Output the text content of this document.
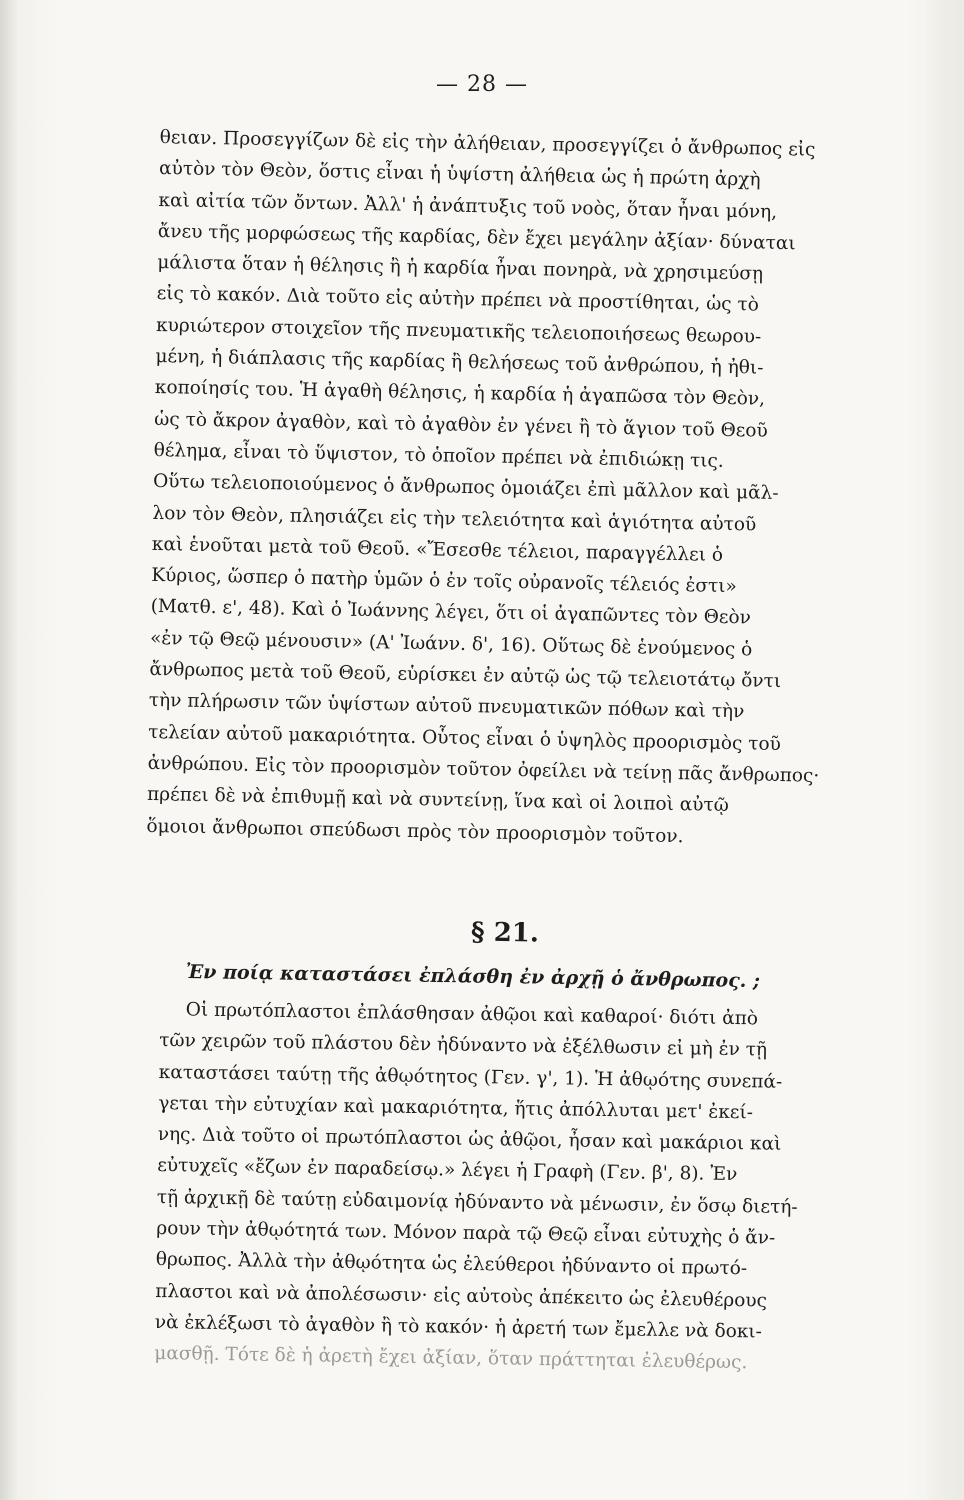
— 28 —

θειαν. Προσεγγίζων δὲ εἰς τὴν ἀλήθειαν, προσεγγίζει ὁ ἄνθρωπος εἰς

αὐτὸν τὸν Θεὸν, ὅστις εἶναι ἡ ὑψίστη ἀλήθεια ὡς ἡ πρώτη ἀρχὴ

καὶ αἰτία τῶν ὄντων. Ἀλλ' ἡ ἀνάπτυξις τοῦ νοὸς, ὅταν ἦναι μόνη,

ἄνευ τῆς μορφώσεως τῆς καρδίας, δὲν ἔχει μεγάλην ἀξίαν· δύναται

μάλιστα ὅταν ἡ θέλησις ἢ ἡ καρδία ἦναι πονηρὰ, νὰ χρησιμεύσῃ

εἰς τὸ κακόν. Διὰ τοῦτο εἰς αὐτὴν πρέπει νὰ προστίθηται, ὡς τὸ

κυριώτερον στοιχεῖον τῆς πνευματικῆς τελειοποιήσεως θεωρου-

μένη, ἡ διάπλασις τῆς καρδίας ἢ θελήσεως τοῦ ἀνθρώπου, ἡ ἠθι-

κοποίησίς του. Ἡ ἀγαθὴ θέλησις, ἡ καρδία ἡ ἀγαπῶσα τὸν Θεὸν,

ὡς τὸ ἄκρον ἀγαθὸν, καὶ τὸ ἀγαθὸν ἐν γένει ἢ τὸ ἅγιον τοῦ Θεοῦ

θέλημα, εἶναι τὸ ὕψιστον, τὸ ὁποῖον πρέπει νὰ ἐπιδιώκῃ τις.

Οὕτω τελειοποιούμενος ὁ ἄνθρωπος ὁμοιάζει ἐπὶ μᾶλλον καὶ μᾶλ-

λον τὸν Θεὸν, πλησιάζει εἰς τὴν τελειότητα καὶ ἁγιότητα αὐτοῦ

καὶ ἑνοῦται μετὰ τοῦ Θεοῦ. «Ἔσεσθε τέλειοι, παραγγέλλει ὁ

Κύριος, ὥσπερ ὁ πατὴρ ὑμῶν ὁ ἐν τοῖς οὐρανοῖς τέλειός ἐστι»

(Ματθ. ε', 48). Καὶ ὁ Ἰωάννης λέγει, ὅτι οἱ ἀγαπῶντες τὸν Θεὸν

«ἐν τῷ Θεῷ μένουσιν» (Α' Ἰωάνν. δ', 16). Οὕτως δὲ ἑνούμενος ὁ

ἄνθρωπος μετὰ τοῦ Θεοῦ, εὑρίσκει ἐν αὐτῷ ὡς τῷ τελειοτάτῳ ὄντι

τὴν πλήρωσιν τῶν ὑψίστων αὐτοῦ πνευματικῶν πόθων καὶ τὴν

τελείαν αὐτοῦ μακαριότητα. Οὗτος εἶναι ὁ ὑψηλὸς προορισμὸς τοῦ

ἀνθρώπου. Εἰς τὸν προορισμὸν τοῦτον ὀφείλει νὰ τείνῃ πᾶς ἄνθρωπος·

πρέπει δὲ νὰ ἐπιθυμῇ καὶ νὰ συντείνῃ, ἵνα καὶ οἱ λοιποὶ αὐτῷ

ὅμοιοι ἄνθρωποι σπεύδωσι πρὸς τὸν προορισμὸν τοῦτον.

§ 21.
Ἐν ποίᾳ καταστάσει ἐπλάσθη ἐν ἀρχῇ ὁ ἄνθρωπος. ;

Οἱ πρωτόπλαστοι ἐπλάσθησαν ἀθῷοι καὶ καθαροί· διότι ἀπὸ

τῶν χειρῶν τοῦ πλάστου δὲν ἠδύναντο νὰ ἐξέλθωσιν εἰ μὴ ἐν τῇ

καταστάσει ταύτῃ τῆς ἀθῳότητος (Γεν. γ', 1). Ἡ ἀθῳότης συνεπά-

γεται τὴν εὐτυχίαν καὶ μακαριότητα, ἥτις ἀπόλλυται μετ' ἐκεί-

νης. Διὰ τοῦτο οἱ πρωτόπλαστοι ὡς ἀθῷοι, ἦσαν καὶ μακάριοι καὶ

εὐτυχεῖς «ἔζων ἐν παραδείσῳ.» λέγει ἡ Γραφὴ (Γεν. β', 8). Ἐν

τῇ ἀρχικῇ δὲ ταύτῃ εὐδαιμονίᾳ ἠδύναντο νὰ μένωσιν, ἐν ὅσῳ διετή-

ρουν τὴν ἀθῳότητά των. Μόνον παρὰ τῷ Θεῷ εἶναι εὐτυχὴς ὁ ἄν-

θρωπος. Ἀλλὰ τὴν ἀθῳότητα ὡς ἐλεύθεροι ἠδύναντο οἱ πρωτό-

πλαστοι καὶ νὰ ἀπολέσωσιν· εἰς αὐτοὺς ἀπέκειτο ὡς ἐλευθέρους

νὰ ἐκλέξωσι τὸ ἀγαθὸν ἢ τὸ κακόν· ἡ ἀρετή των ἔμελλε νὰ δοκι-

μασθῇ. Τότε δὲ ἡ ἀρετὴ ἔχει ἀξίαν, ὅταν πράττηται ἐλευθέρως.
